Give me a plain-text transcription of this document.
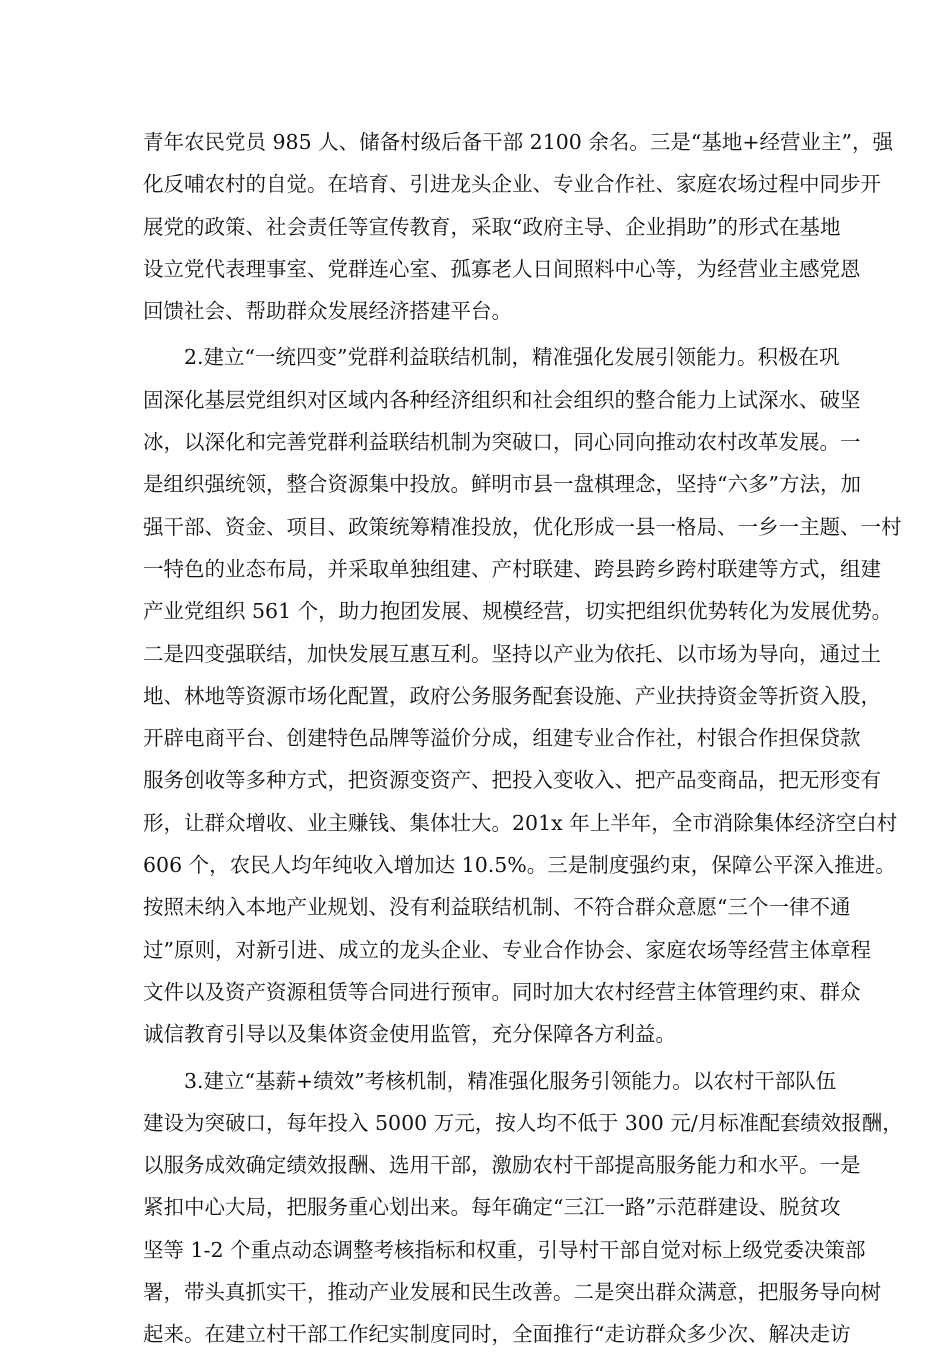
青年农民党员 985 人、储备村级后备干部 2100 余名。三是“基地+经营业主”，强
化反哺农村的自觉。在培育、引进龙头企业、专业合作社、家庭农场过程中同步开
展党的政策、社会责任等宣传教育，采取“政府主导、企业捐助”的形式在基地
设立党代表理事室、党群连心室、孤寡老人日间照料中心等，为经营业主感党恩
回馈社会、帮助群众发展经济搭建平台。
　　2.建立“一统四变”党群利益联结机制，精准强化发展引领能力。积极在巩
固深化基层党组织对区域内各种经济组织和社会组织的整合能力上试深水、破坚
冰，以深化和完善党群利益联结机制为突破口，同心同向推动农村改革发展。一
是组织强统领，整合资源集中投放。鲜明市县一盘棋理念，坚持“六多”方法，加
强干部、资金、项目、政策统筹精准投放，优化形成一县一格局、一乡一主题、一村
一特色的业态布局，并采取单独组建、产村联建、跨县跨乡跨村联建等方式，组建
产业党组织 561 个，助力抱团发展、规模经营，切实把组织优势转化为发展优势。
二是四变强联结，加快发展互惠互利。坚持以产业为依托、以市场为导向，通过土
地、林地等资源市场化配置，政府公务服务配套设施、产业扶持资金等折资入股，
开辟电商平台、创建特色品牌等溢价分成，组建专业合作社，村银合作担保贷款
服务创收等多种方式，把资源变资产、把投入变收入、把产品变商品，把无形变有
形，让群众增收、业主赚钱、集体壮大。201x 年上半年，全市消除集体经济空白村
606 个，农民人均年纯收入增加达 10.5%。三是制度强约束，保障公平深入推进。
按照未纳入本地产业规划、没有利益联结机制、不符合群众意愿“三个一律不通
过”原则，对新引进、成立的龙头企业、专业合作协会、家庭农场等经营主体章程
文件以及资产资源租赁等合同进行预审。同时加大农村经营主体管理约束、群众
诚信教育引导以及集体资金使用监管，充分保障各方利益。
　　3.建立“基薪+绩效”考核机制，精准强化服务引领能力。以农村干部队伍
建设为突破口，每年投入 5000 万元，按人均不低于 300 元/月标准配套绩效报酬，
以服务成效确定绩效报酬、选用干部，激励农村干部提高服务能力和水平。一是
紧扣中心大局，把服务重心划出来。每年确定“三江一路”示范群建设、脱贫攻
坚等 1-2 个重点动态调整考核指标和权重，引导村干部自觉对标上级党委决策部
署，带头真抓实干，推动产业发展和民生改善。二是突出群众满意，把服务导向树
起来。在建立村干部工作纪实制度同时，全面推行“走访群众多少次、解决走访
